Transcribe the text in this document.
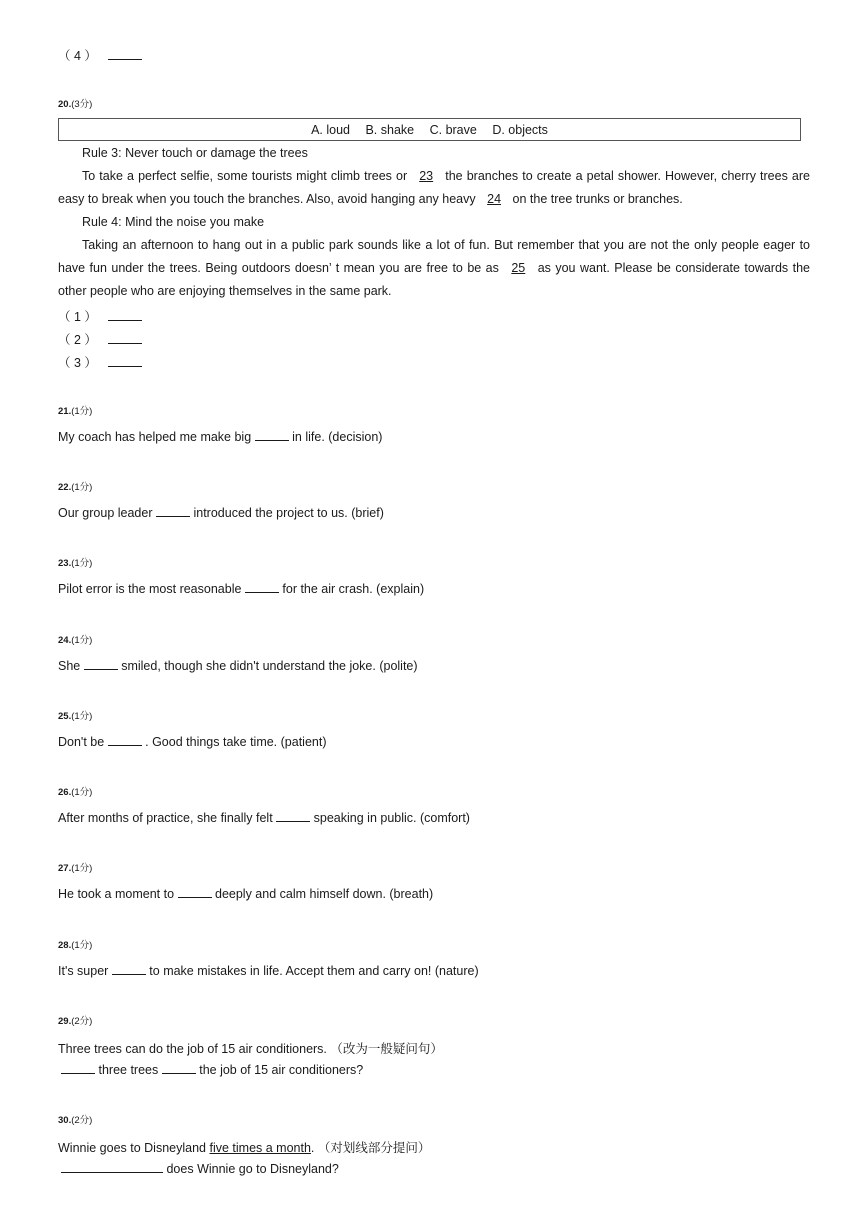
（ 4 ）
20.(3分)
A. loud B. shake C. brave D. objects
Rule 3: Never touch or damage the trees
To take a perfect selfie, some tourists might climb trees or 23 the branches to create a petal shower. However, cherry trees are easy to break when you touch the branches. Also, avoid hanging any heavy 24 on the tree trunks or branches.
Rule 4: Mind the noise you make
Taking an afternoon to hang out in a public park sounds like a lot of fun. But remember that you are not the only people eager to have fun under the trees. Being outdoors doesn’ t mean you are free to be as 25 as you want. Please be considerate towards the other people who are enjoying themselves in the same park.
（ 1 ）
（ 2 ）
（ 3 ）
21.(1分)
My coach has helped me make big	in life. (decision)
22.(1分)
Our group leader	introduced the project to us. (brief)
23.(1分)
Pilot error is the most reasonable	for the air crash. (explain)
24.(1分)
She	smiled, though she didn't understand the joke. (polite)
25.(1分)
Don't be	. Good things take time. (patient)
26.(1分)
After months of practice, she finally felt	speaking in public. (comfort)
27.(1分)
He took a moment to	deeply and calm himself down. (breath)
28.(1分)
It's super	to make mistakes in life. Accept them and carry on! (nature)
29.(2分)
Three trees can do the job of 15 air conditioners. （改为一般疑问句）
three trees	the job of 15 air conditioners?
30.(2分)
Winnie goes to Disneyland five times a month. （对划线部分提问）
does Winnie go to Disneyland?
